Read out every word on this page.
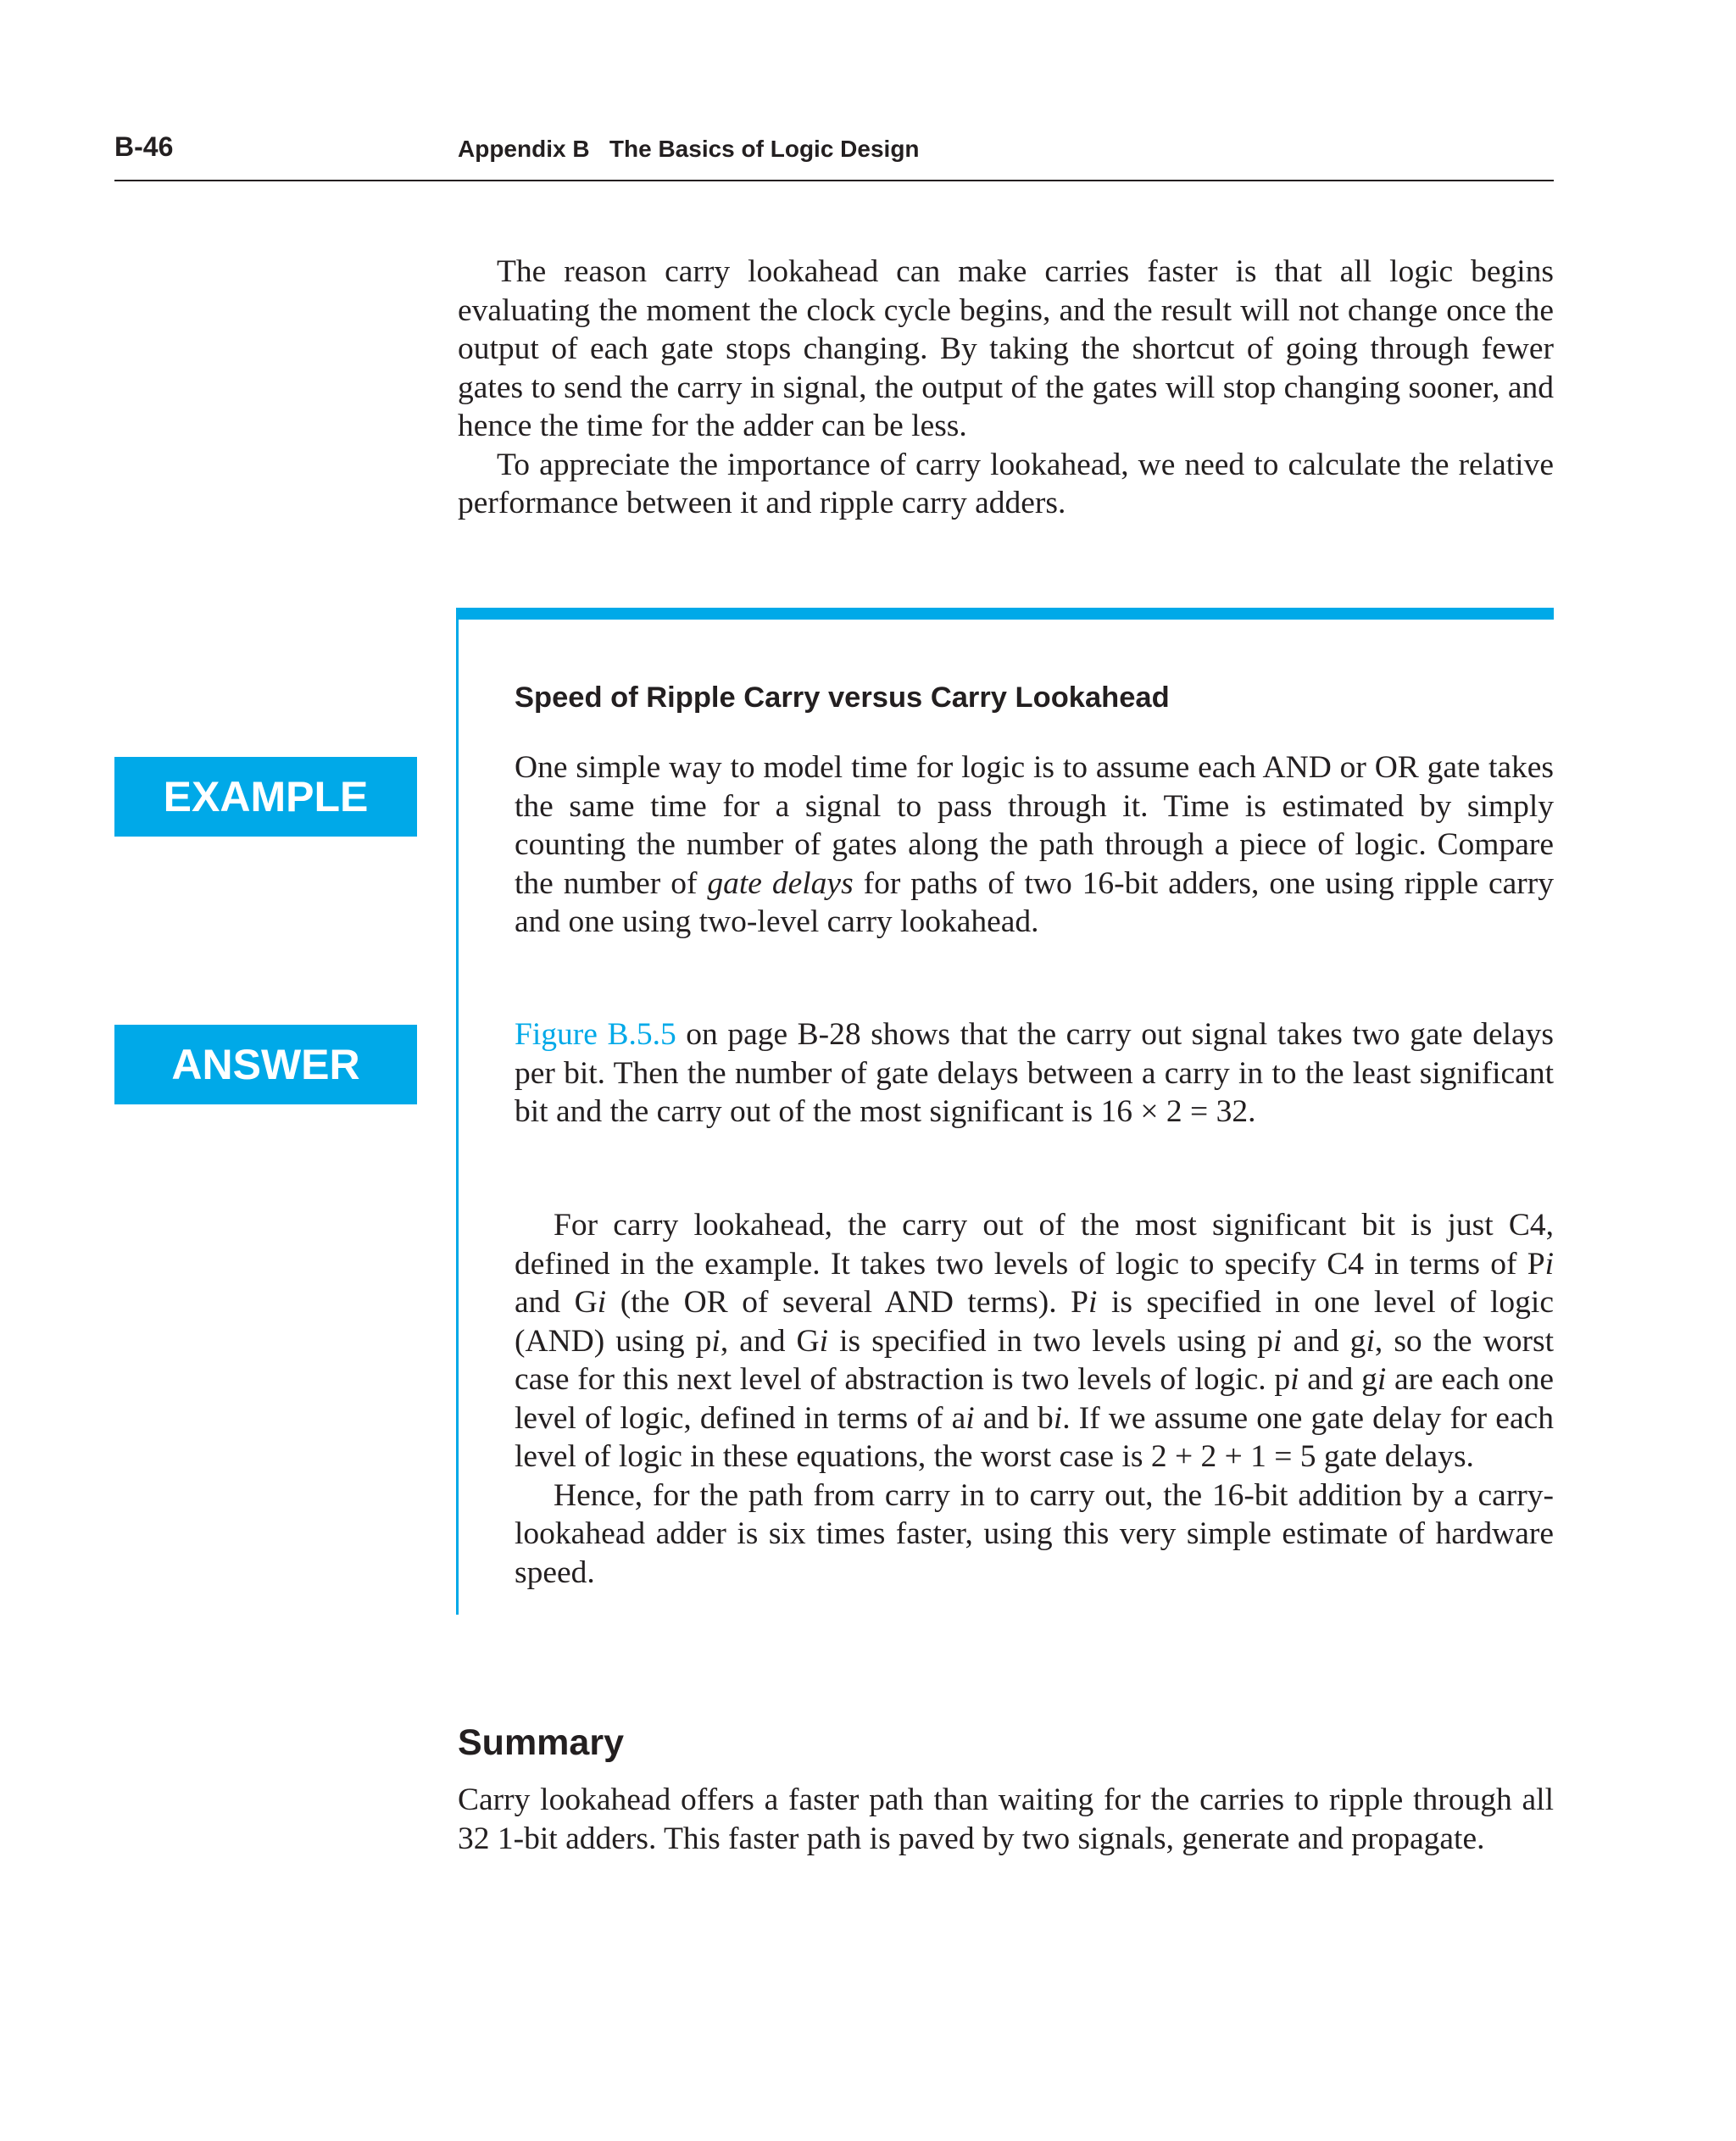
B-46	Appendix B   The Basics of Logic Design

The reason carry lookahead can make carries faster is that all logic begins evaluating the moment the clock cycle begins, and the result will not change once the output of each gate stops changing. By taking the shortcut of going through fewer gates to send the carry in signal, the output of the gates will stop changing sooner, and hence the time for the adder can be less.

To appreciate the importance of carry lookahead, we need to calculate the relative performance between it and ripple carry adders.

Speed of Ripple Carry versus Carry Lookahead
EXAMPLE

One simple way to model time for logic is to assume each AND or OR gate takes the same time for a signal to pass through it. Time is estimated by simply counting the number of gates along the path through a piece of logic. Compare the number of gate delays for paths of two 16-bit adders, one using ripple carry and one using two-level carry lookahead.

ANSWER

Figure B.5.5 on page B-28 shows that the carry out signal takes two gate delays per bit. Then the number of gate delays between a carry in to the least significant bit and the carry out of the most significant is 16 × 2 = 32.

For carry lookahead, the carry out of the most significant bit is just C4, defined in the example. It takes two levels of logic to specify C4 in terms of Pi and Gi (the OR of several AND terms). Pi is specified in one level of logic (AND) using pi, and Gi is specified in two levels using pi and gi, so the worst case for this next level of abstraction is two levels of logic. pi and gi are each one level of logic, defined in terms of ai and bi. If we assume one gate delay for each level of logic in these equations, the worst case is 2 + 2 + 1 = 5 gate delays.

Hence, for the path from carry in to carry out, the 16-bit addition by a carry-lookahead adder is six times faster, using this very simple estimate of hardware speed.

Summary

Carry lookahead offers a faster path than waiting for the carries to ripple through all 32 1-bit adders. This faster path is paved by two signals, generate and propagate.
